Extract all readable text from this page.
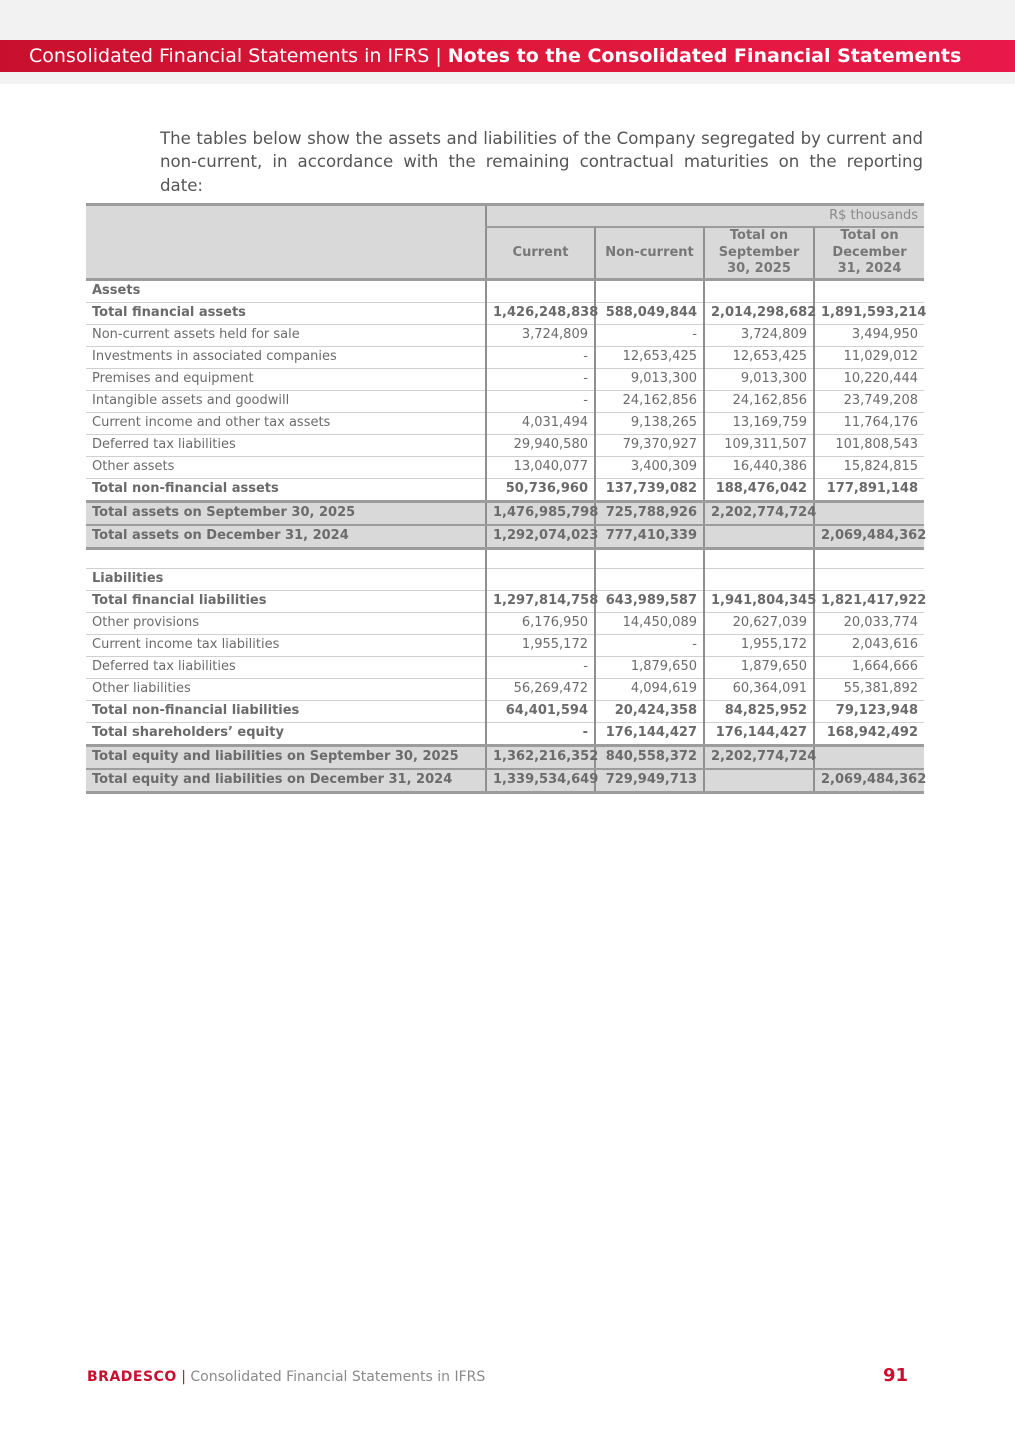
Consolidated Financial Statements in IFRS | Notes to the Consolidated Financial Statements

The tables below show the assets and liabilities of the Company segregated by current and non-current, in accordance with the remaining contractual maturities on the reporting date:

	R$ thousands			
	Current	Non-current	Total on September 30, 2025	Total on December 31, 2024
Assets				
Total financial assets	1,426,248,838	588,049,844	2,014,298,682	1,891,593,214
Non-current assets held for sale	3,724,809	-	3,724,809	3,494,950
Investments in associated companies	-	12,653,425	12,653,425	11,029,012
Premises and equipment	-	9,013,300	9,013,300	10,220,444
Intangible assets and goodwill	-	24,162,856	24,162,856	23,749,208
Current income and other tax assets	4,031,494	9,138,265	13,169,759	11,764,176
Deferred tax liabilities	29,940,580	79,370,927	109,311,507	101,808,543
Other assets	13,040,077	3,400,309	16,440,386	15,824,815
Total non-financial assets	50,736,960	137,739,082	188,476,042	177,891,148
Total assets on September 30, 2025	1,476,985,798	725,788,926	2,202,774,724	
Total assets on December 31, 2024	1,292,074,023	777,410,339		2,069,484,362

Liabilities				
Total financial liabilities	1,297,814,758	643,989,587	1,941,804,345	1,821,417,922
Other provisions	6,176,950	14,450,089	20,627,039	20,033,774
Current income tax liabilities	1,955,172	-	1,955,172	2,043,616
Deferred tax liabilities	-	1,879,650	1,879,650	1,664,666
Other liabilities	56,269,472	4,094,619	60,364,091	55,381,892
Total non-financial liabilities	64,401,594	20,424,358	84,825,952	79,123,948
Total shareholders’ equity	-	176,144,427	176,144,427	168,942,492
Total equity and liabilities on September 30, 2025	1,362,216,352	840,558,372	2,202,774,724	
Total equity and liabilities on December 31, 2024	1,339,534,649	729,949,713		2,069,484,362
BRADESCO | Consolidated Financial Statements in IFRS	91
